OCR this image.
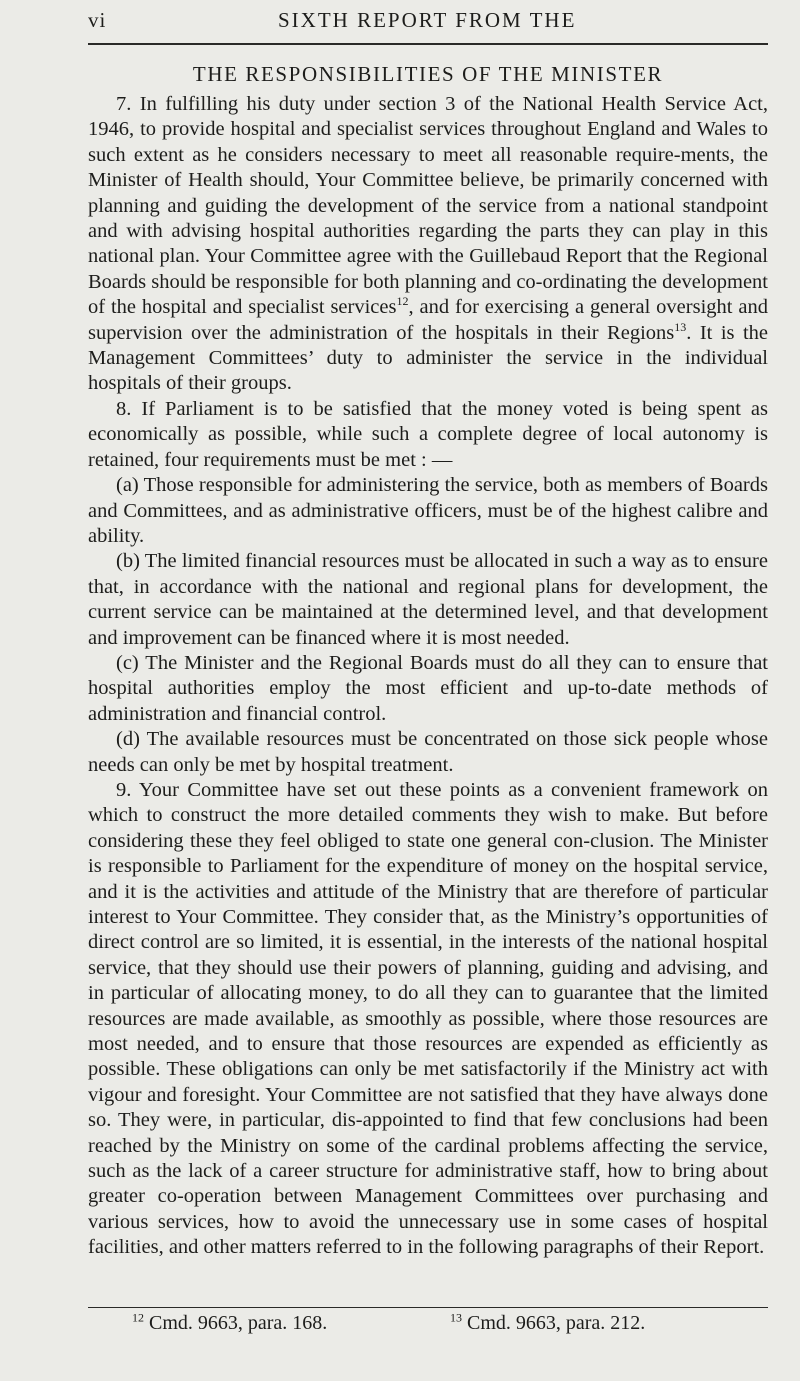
vi	SIXTH REPORT FROM THE
THE RESPONSIBILITIES OF THE MINISTER

7. In fulfilling his duty under section 3 of the National Health Service Act, 1946, to provide hospital and specialist services throughout England and Wales to such extent as he considers necessary to meet all reasonable require-ments, the Minister of Health should, Your Committee believe, be primarily concerned with planning and guiding the development of the service from a national standpoint and with advising hospital authorities regarding the parts they can play in this national plan. Your Committee agree with the Guillebaud Report that the Regional Boards should be responsible for both planning and co-ordinating the development of the hospital and specialist services$^{12}$, and for exercising a general oversight and supervision over the administration of the hospitals in their Regions$^{13}$. It is the Management Committees’ duty to administer the service in the individual hospitals of their groups.

8. If Parliament is to be satisfied that the money voted is being spent as economically as possible, while such a complete degree of local autonomy is retained, four requirements must be met : —

(a) Those responsible for administering the service, both as members of Boards and Committees, and as administrative officers, must be of the highest calibre and ability.

(b) The limited financial resources must be allocated in such a way as to ensure that, in accordance with the national and regional plans for development, the current service can be maintained at the determined level, and that development and improvement can be financed where it is most needed.

(c) The Minister and the Regional Boards must do all they can to ensure that hospital authorities employ the most efficient and up-to-date methods of administration and financial control.

(d) The available resources must be concentrated on those sick people whose needs can only be met by hospital treatment.

9. Your Committee have set out these points as a convenient framework on which to construct the more detailed comments they wish to make. But before considering these they feel obliged to state one general con-clusion. The Minister is responsible to Parliament for the expenditure of money on the hospital service, and it is the activities and attitude of the Ministry that are therefore of particular interest to Your Committee. They consider that, as the Ministry’s opportunities of direct control are so limited, it is essential, in the interests of the national hospital service, that they should use their powers of planning, guiding and advising, and in particular of allocating money, to do all they can to guarantee that the limited resources are made available, as smoothly as possible, where those resources are most needed, and to ensure that those resources are expended as efficiently as possible. These obligations can only be met satisfactorily if the Ministry act with vigour and foresight. Your Committee are not satisfied that they have always done so. They were, in particular, dis-appointed to find that few conclusions had been reached by the Ministry on some of the cardinal problems affecting the service, such as the lack of a career structure for administrative staff, how to bring about greater co-operation between Management Committees over purchasing and various services, how to avoid the unnecessary use in some cases of hospital facilities, and other matters referred to in the following paragraphs of their Report.

$^{12}$ Cmd. 9663, para. 168.	$^{13}$ Cmd. 9663, para. 212.
